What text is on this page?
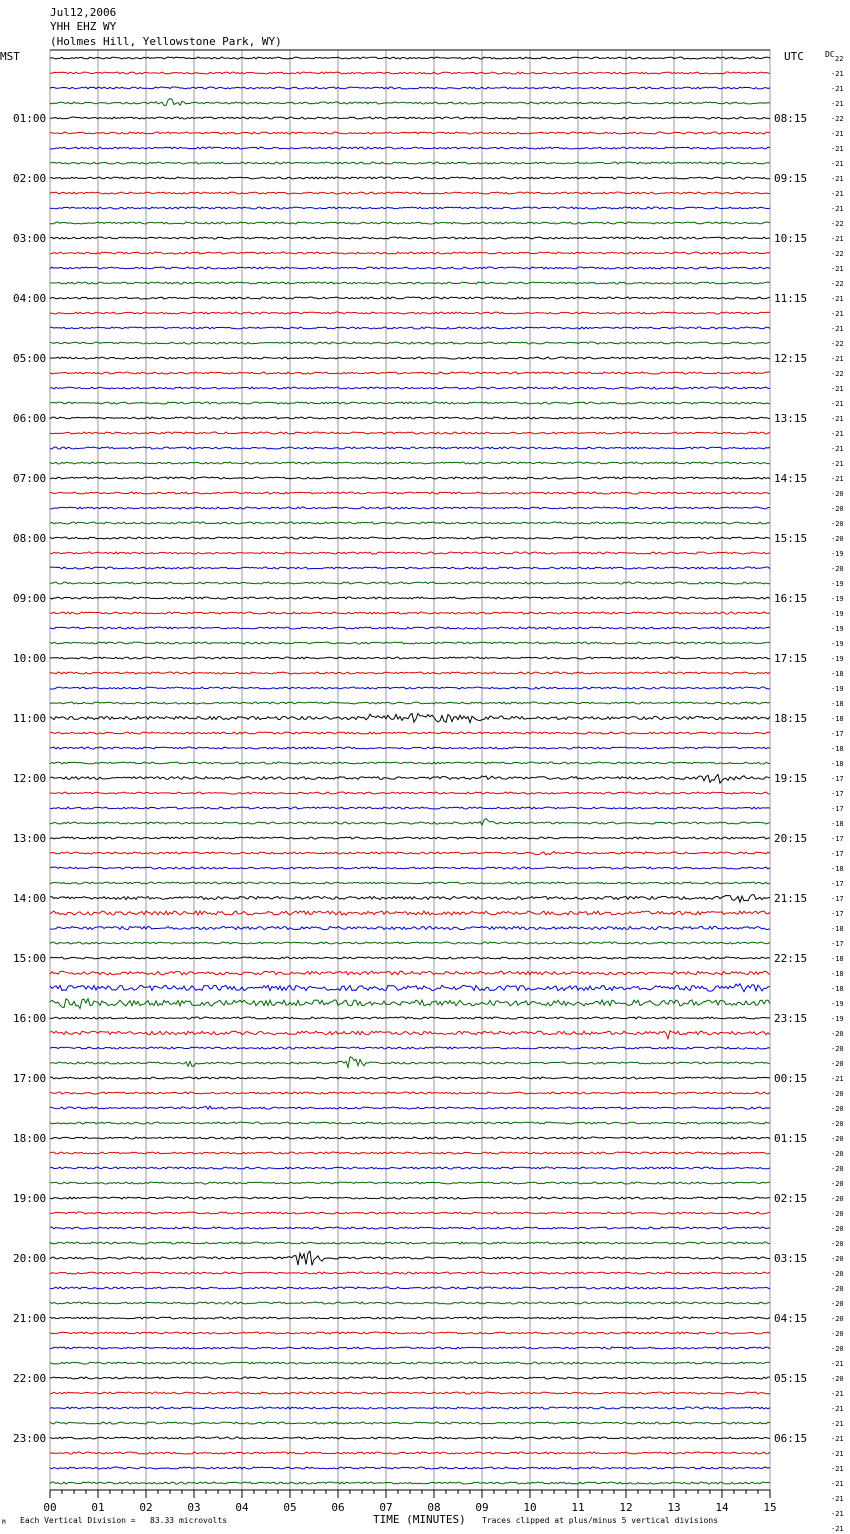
Jul12,2006
YHH EHZ WY
(Holmes Hill, Yellowstone Park, WY)
MST	UTC	DC
01:00
02:00
03:00
04:00
05:00
06:00
07:00
08:00
09:00
10:00
11:00
12:00
13:00
14:00
15:00
16:00
17:00
18:00
19:00
20:00
21:00
22:00
23:00
08:15
09:15
10:15
11:15
12:15
13:15
14:15
15:15
16:15
17:15
18:15
19:15
20:15
21:15
22:15
23:15
00:15
01:15
02:15
03:15
04:15
05:15
06:15
22
-21
-21
-21
-22
-21
-21
-21
-21
-21
-21
-22
-21
-22
-21
-22
-21
-21
-21
-22
-21
-22
-21
-21
-21
-21
-21
-21
-21
-20
-20
-20
-20
-19
-20
-19
-19
-19
-19
-19
-19
-18
-19
-18
-18
-17
-18
-18
-17
-17
-17
-18
-17
-17
-18
-17
-17
-17
-18
-17
-18
-18
-18
-19
-19
-20
-20
-20
-21
-20
-20
-20
-20
-20
-20
-20
-20
-20
-20
-20
-20
-20
-20
-20
-20
-20
-20
-21
-20
-21
-21
-21
-21
-21
-21
-21
-21
-21
-21
00	01	02	03	04	05	06	07	08	09	10	11	12	13	14	15
M Each Vertical Division =   83.33 microvolts	TIME (MINUTES) Traces clipped at plus/minus 5 vertical divisions
